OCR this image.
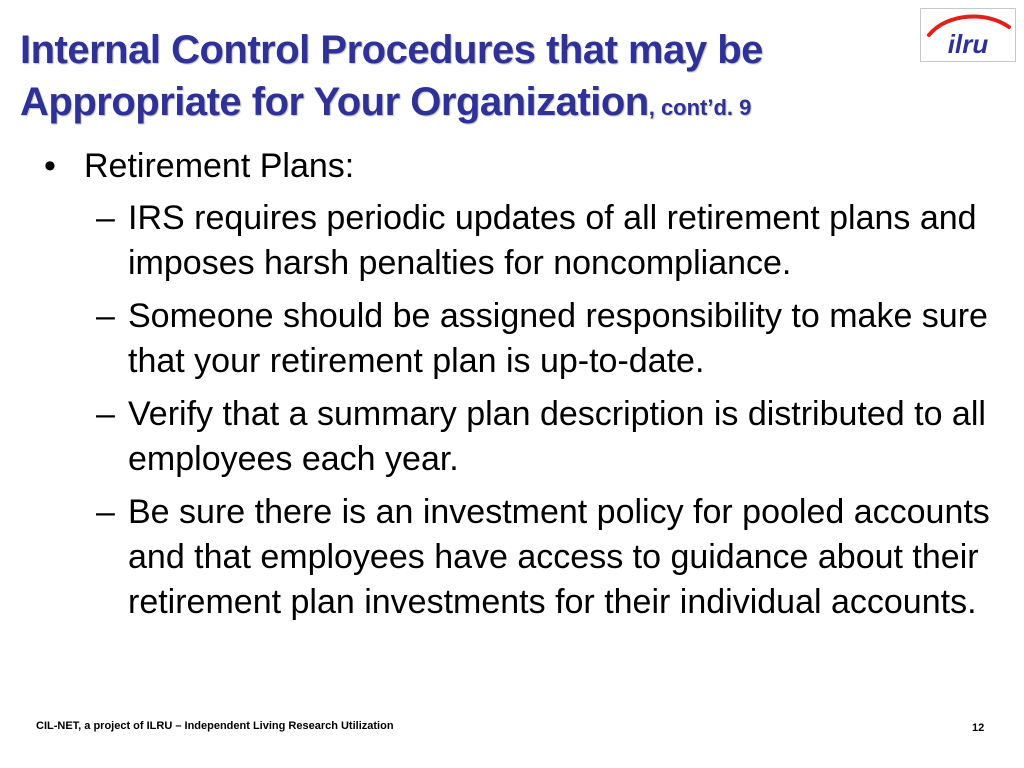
Internal Control Procedures that may be
Appropriate for Your Organization, cont’d. 9
ilru
• Retirement Plans:
– IRS requires periodic updates of all retirement plans and imposes harsh penalties for noncompliance.
– Someone should be assigned responsibility to make sure that your retirement plan is up-to-date.
– Verify that a summary plan description is distributed to all employees each year.
– Be sure there is an investment policy for pooled accounts and that employees have access to guidance about their retirement plan investments for their individual accounts.
CIL-NET, a project of ILRU – Independent Living Research Utilization	12
